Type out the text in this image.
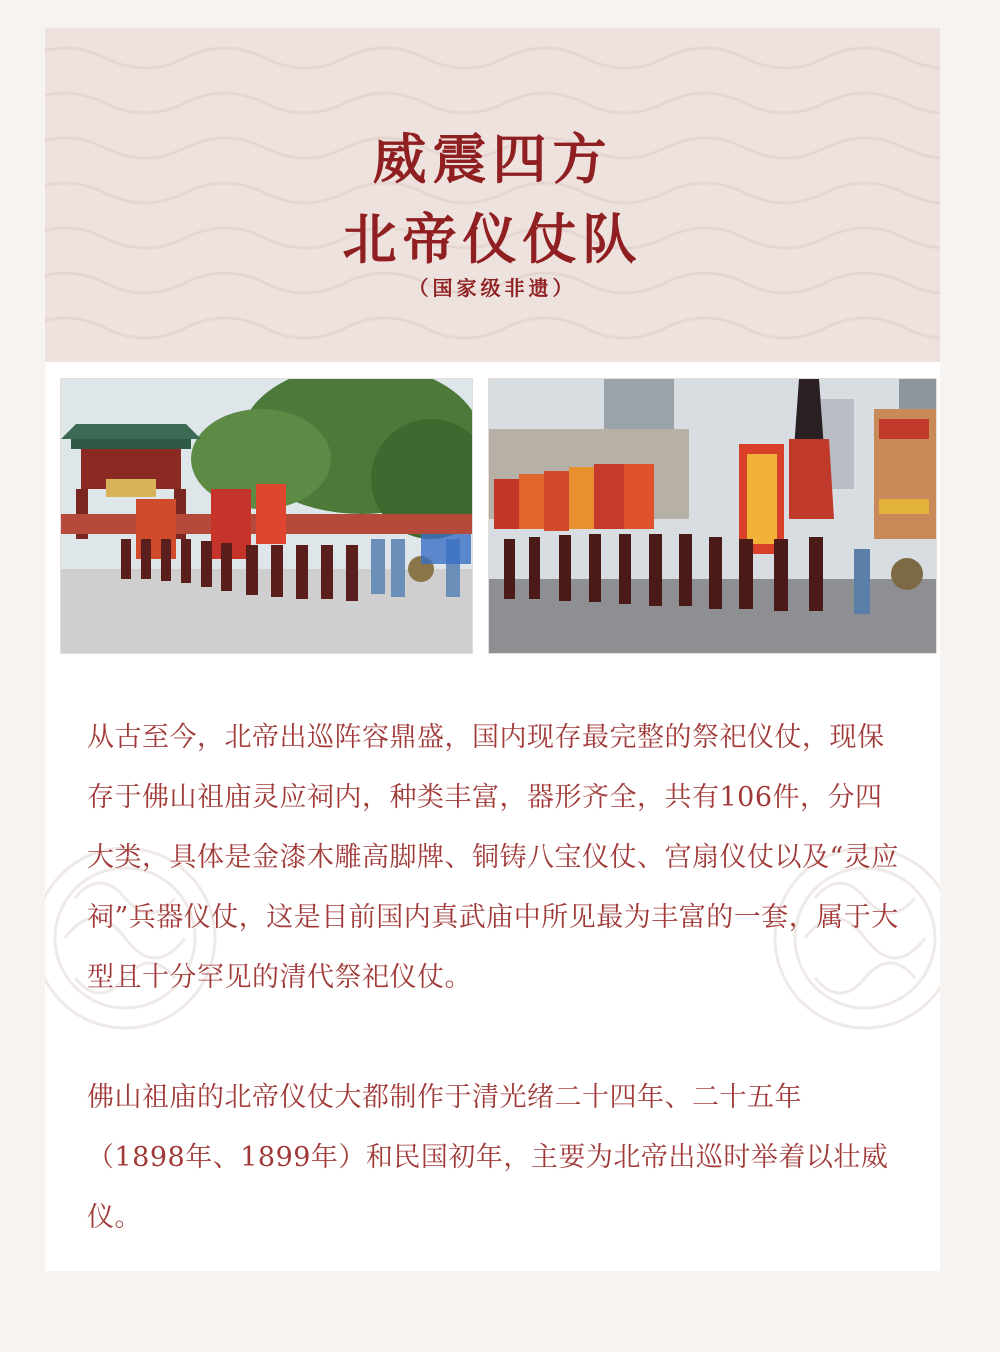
威震四方
北帝仪仗队
（国家级非遗）
从古至今，北帝出巡阵容鼎盛，国内现存最完整的祭祀仪仗，现保存于佛山祖庙灵应祠内，种类丰富，器形齐全，共有106件，分四大类，具体是金漆木雕高脚牌、铜铸八宝仪仗、宫扇仪仗以及“灵应祠”兵器仪仗，这是目前国内真武庙中所见最为丰富的一套，属于大型且十分罕见的清代祭祀仪仗。
佛山祖庙的北帝仪仗大都制作于清光绪二十四年、二十五年（1898年、1899年）和民国初年，主要为北帝出巡时举着以壮威仪。
